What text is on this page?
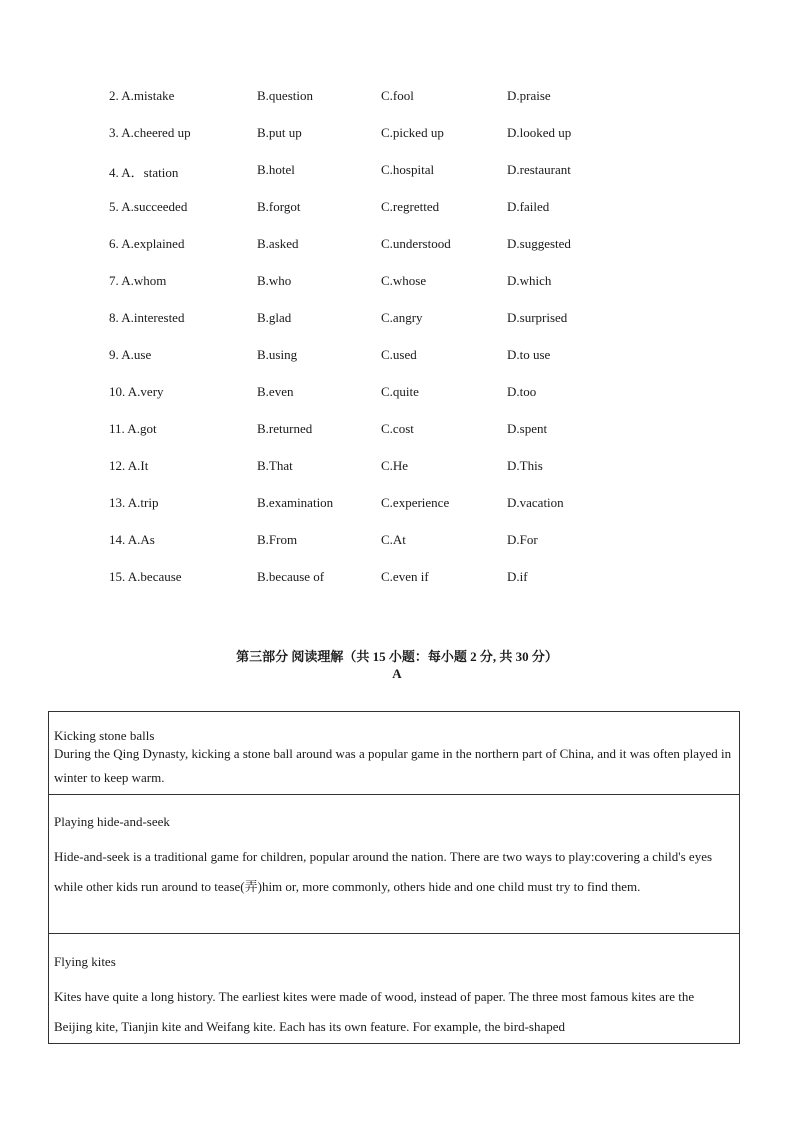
2. A.mistake	B.question	C.fool	D.praise
3. A.cheered up	B.put up	C.picked up	D.looked up
4. A．station	B.hotel	C.hospital	D.restaurant
5. A.succeeded	B.forgot	C.regretted	D.failed
6. A.explained	B.asked	C.understood	D.suggested
7. A.whom	B.who	C.whose	D.which
8. A.interested	B.glad	C.angry	D.surprised
9. A.use	B.using	C.used	D.to use
10. A.very	B.even	C.quite	D.too
11. A.got	B.returned	C.cost	D.spent
12. A.It	B.That	C.He	D.This
13. A.trip	B.examination	C.experience	D.vacation
14. A.As	B.From	C.At	D.For
15. A.because	B.because of	C.even if	D.if
第三部分 阅读理解（共 15 小题：每小题 2 分, 共 30 分）
A
Kicking stone balls
During the Qing Dynasty, kicking a stone ball around was a popular game in the northern part of China, and it was often played in winter to keep warm.
Playing hide-and-seek
Hide-and-seek is a traditional game for children, popular around the nation. There are two ways to play:covering a child's eyes while other kids run around to tease(弄)him or, more commonly, others hide and one child must try to find them.
Flying kites
Kites have quite a long history. The earliest kites were made of wood, instead of paper. The three most famous kites are the Beijing kite, Tianjin kite and Weifang kite. Each has its own feature. For example, the bird-shaped
